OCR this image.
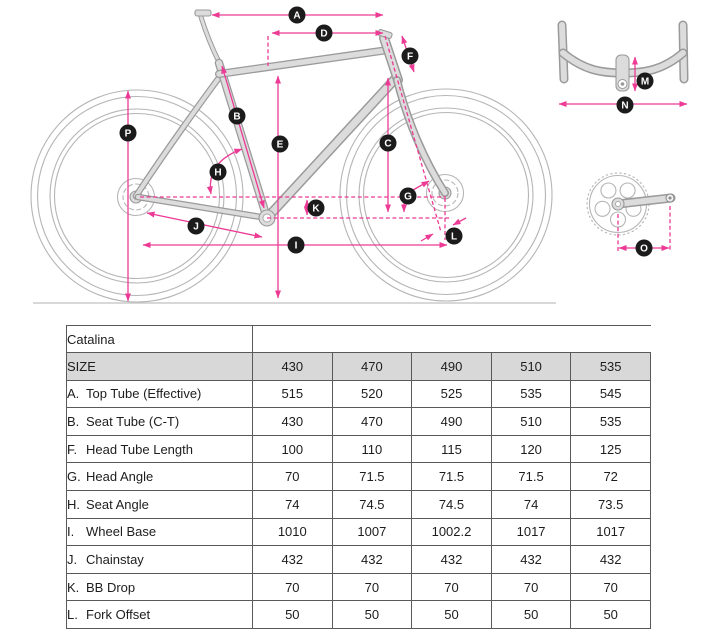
A
D
F
B
E	C
P
H
G
K
J
L
I
M
N
O
Catalina					
SIZE	430	470	490	510	535
A. Top Tube (Effective)	515	520	525	535	545
B. Seat Tube (C-T)	430	470	490	510	535
F. Head Tube Length	100	110	115	120	125
G. Head Angle	70	71.5	71.5	71.5	72
H. Seat Angle	74	74.5	74.5	74	73.5
I. Wheel Base	1010	1007	1002.2	1017	1017
J. Chainstay	432	432	432	432	432
K. BB Drop	70	70	70	70	70
L. Fork Offset	50	50	50	50	50
